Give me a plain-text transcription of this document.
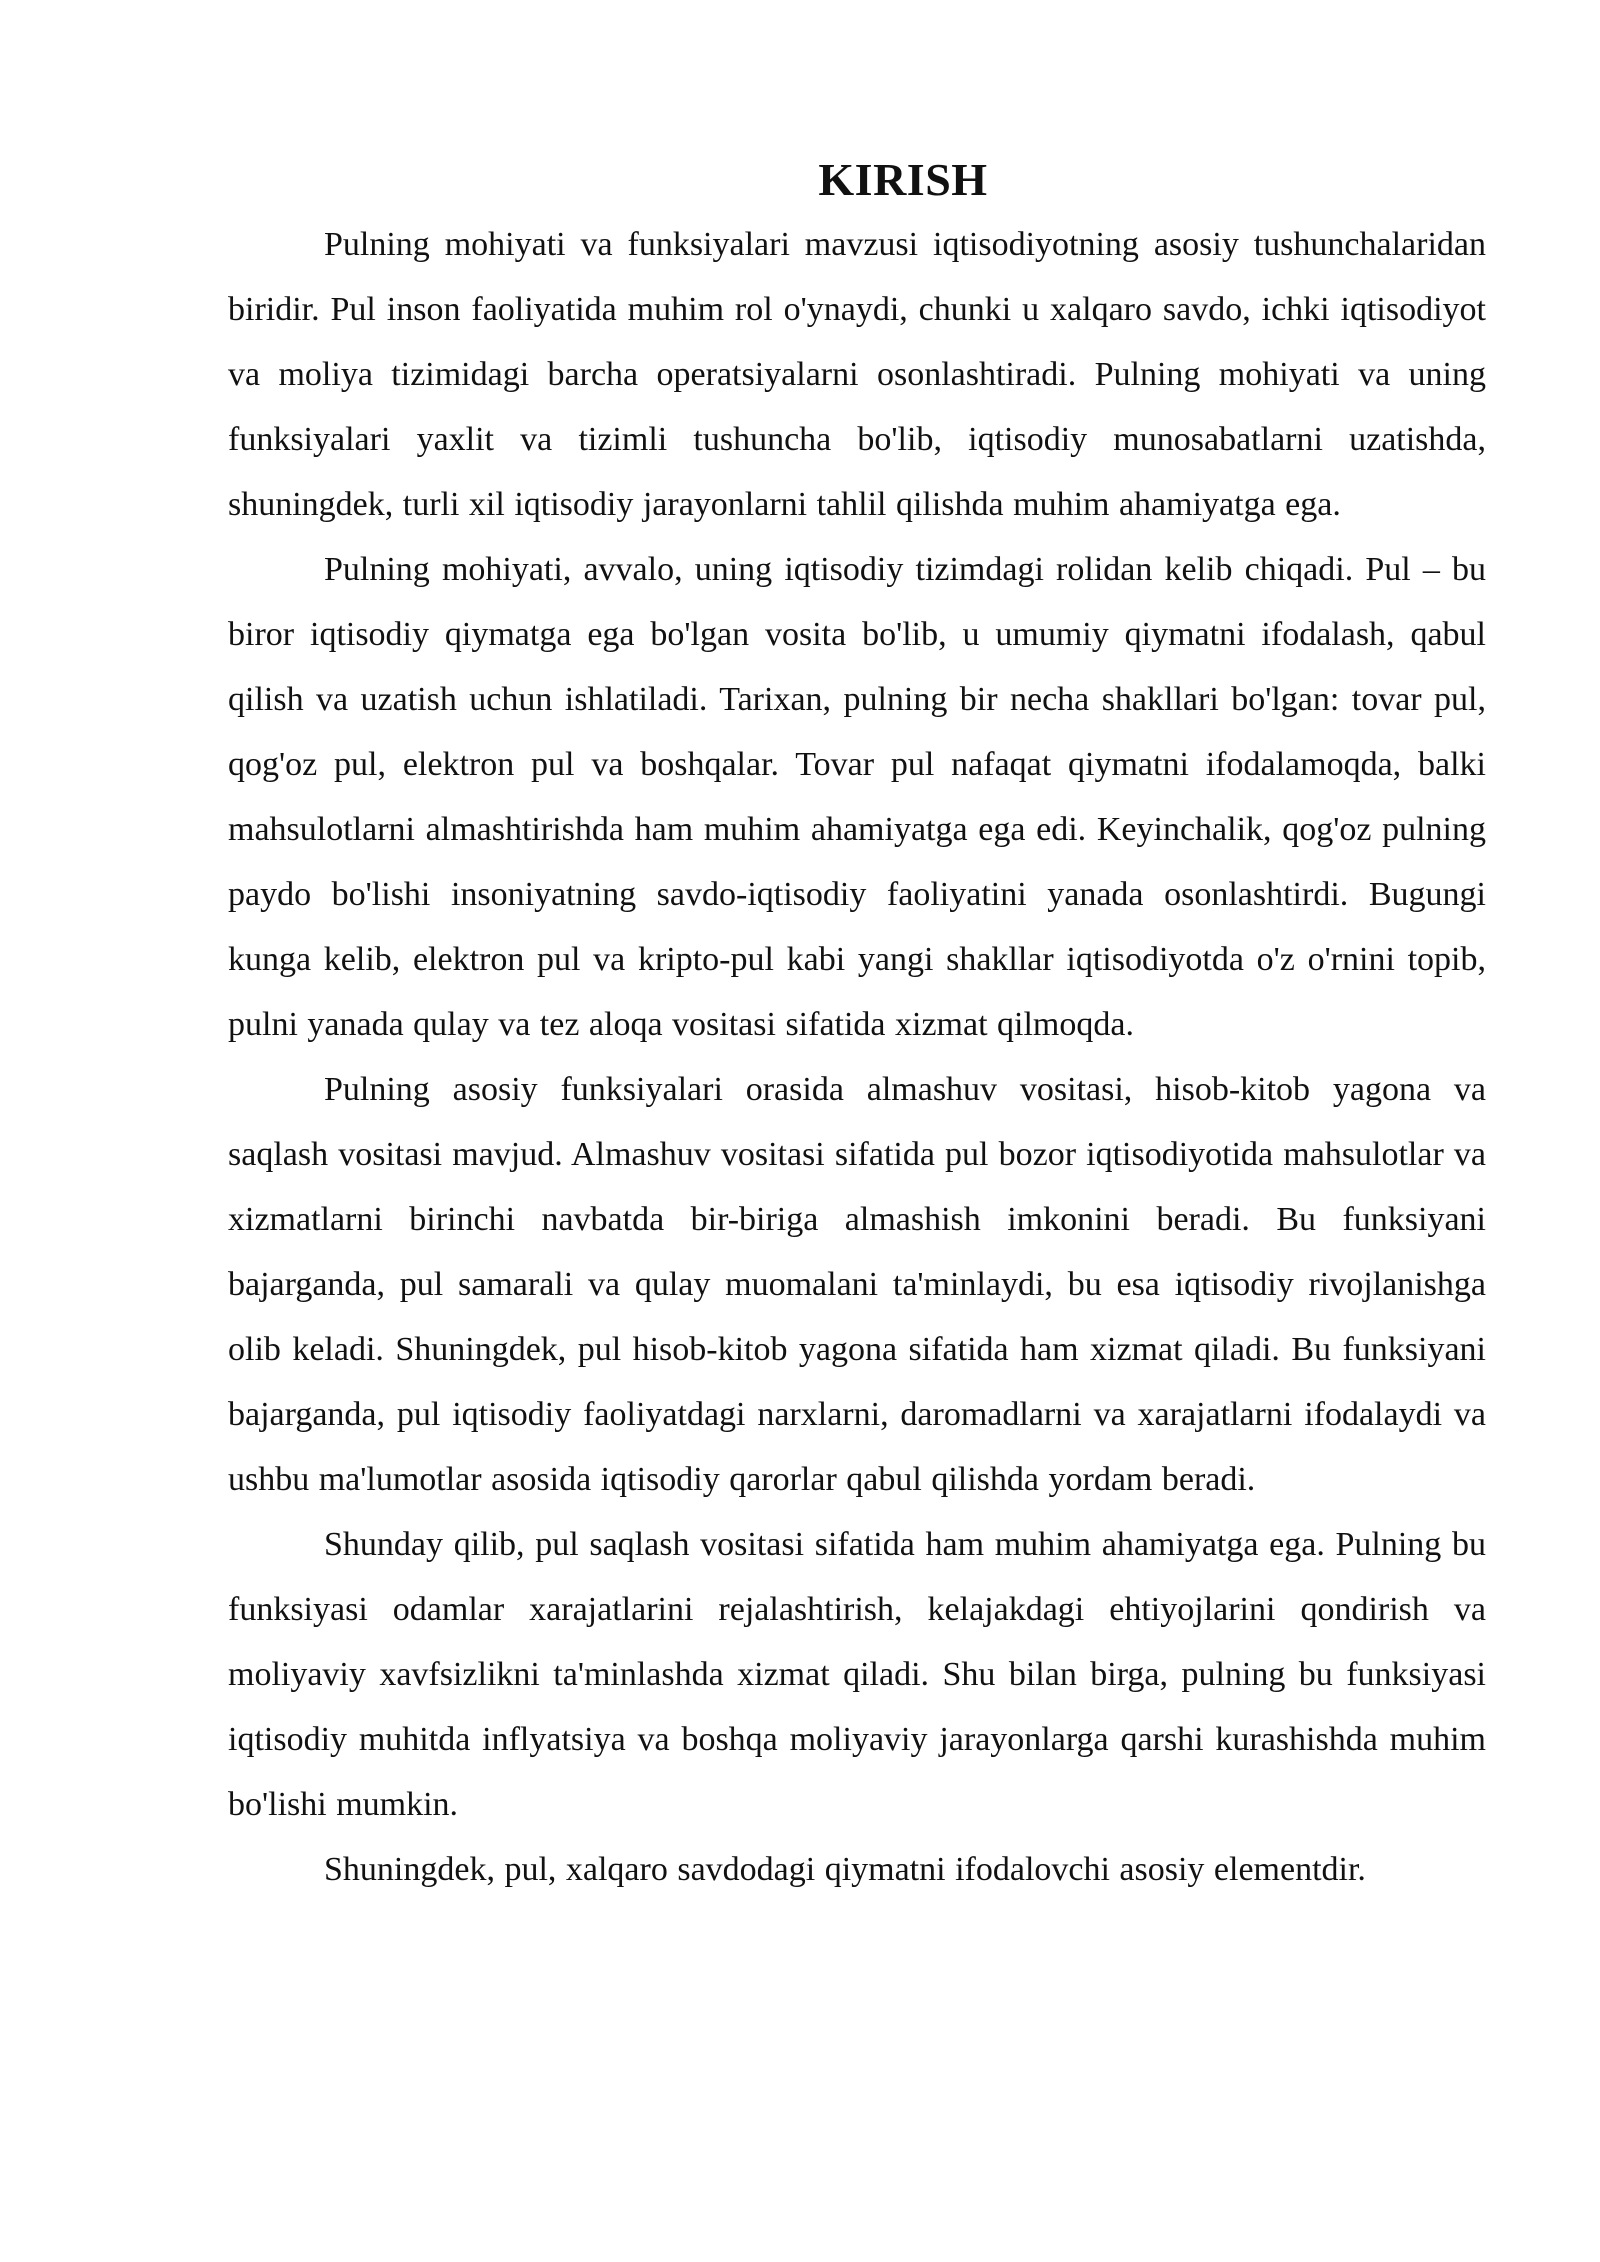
KIRISH

Pulning mohiyati va funksiyalari mavzusi iqtisodiyotning asosiy tushunchalaridan biridir. Pul inson faoliyatida muhim rol o'ynaydi, chunki u xalqaro savdo, ichki iqtisodiyot va moliya tizimidagi barcha operatsiyalarni osonlashtiradi. Pulning mohiyati va uning funksiyalari yaxlit va tizimli tushuncha bo'lib, iqtisodiy munosabatlarni uzatishda, shuningdek, turli xil iqtisodiy jarayonlarni tahlil qilishda muhim ahamiyatga ega.

Pulning mohiyati, avvalo, uning iqtisodiy tizimdagi rolidan kelib chiqadi. Pul – bu biror iqtisodiy qiymatga ega bo'lgan vosita bo'lib, u umumiy qiymatni ifodalash, qabul qilish va uzatish uchun ishlatiladi. Tarixan, pulning bir necha shakllari bo'lgan: tovar pul, qog'oz pul, elektron pul va boshqalar. Tovar pul nafaqat qiymatni ifodalamoqda, balki mahsulotlarni almashtirishda ham muhim ahamiyatga ega edi. Keyinchalik, qog'oz pulning paydo bo'lishi insoniyatning savdo-iqtisodiy faoliyatini yanada osonlashtirdi. Bugungi kunga kelib, elektron pul va kripto-pul kabi yangi shakllar iqtisodiyotda o'z o'rnini topib, pulni yanada qulay va tez aloqa vositasi sifatida xizmat qilmoqda.

Pulning asosiy funksiyalari orasida almashuv vositasi, hisob-kitob yagona va saqlash vositasi mavjud. Almashuv vositasi sifatida pul bozor iqtisodiyotida mahsulotlar va xizmatlarni birinchi navbatda bir-biriga almashish imkonini beradi. Bu funksiyani bajarganda, pul samarali va qulay muomalani ta'minlaydi, bu esa iqtisodiy rivojlanishga olib keladi. Shuningdek, pul hisob-kitob yagona sifatida ham xizmat qiladi. Bu funksiyani bajarganda, pul iqtisodiy faoliyatdagi narxlarni, daromadlarni va xarajatlarni ifodalaydi va ushbu ma'lumotlar asosida iqtisodiy qarorlar qabul qilishda yordam beradi.

Shunday qilib, pul saqlash vositasi sifatida ham muhim ahamiyatga ega. Pulning bu funksiyasi odamlar xarajatlarini rejalashtirish, kelajakdagi ehtiyojlarini qondirish va moliyaviy xavfsizlikni ta'minlashda xizmat qiladi. Shu bilan birga, pulning bu funksiyasi iqtisodiy muhitda inflyatsiya va boshqa moliyaviy jarayonlarga qarshi kurashishda muhim bo'lishi mumkin.

Shuningdek, pul, xalqaro savdodagi qiymatni ifodalovchi asosiy elementdir.
